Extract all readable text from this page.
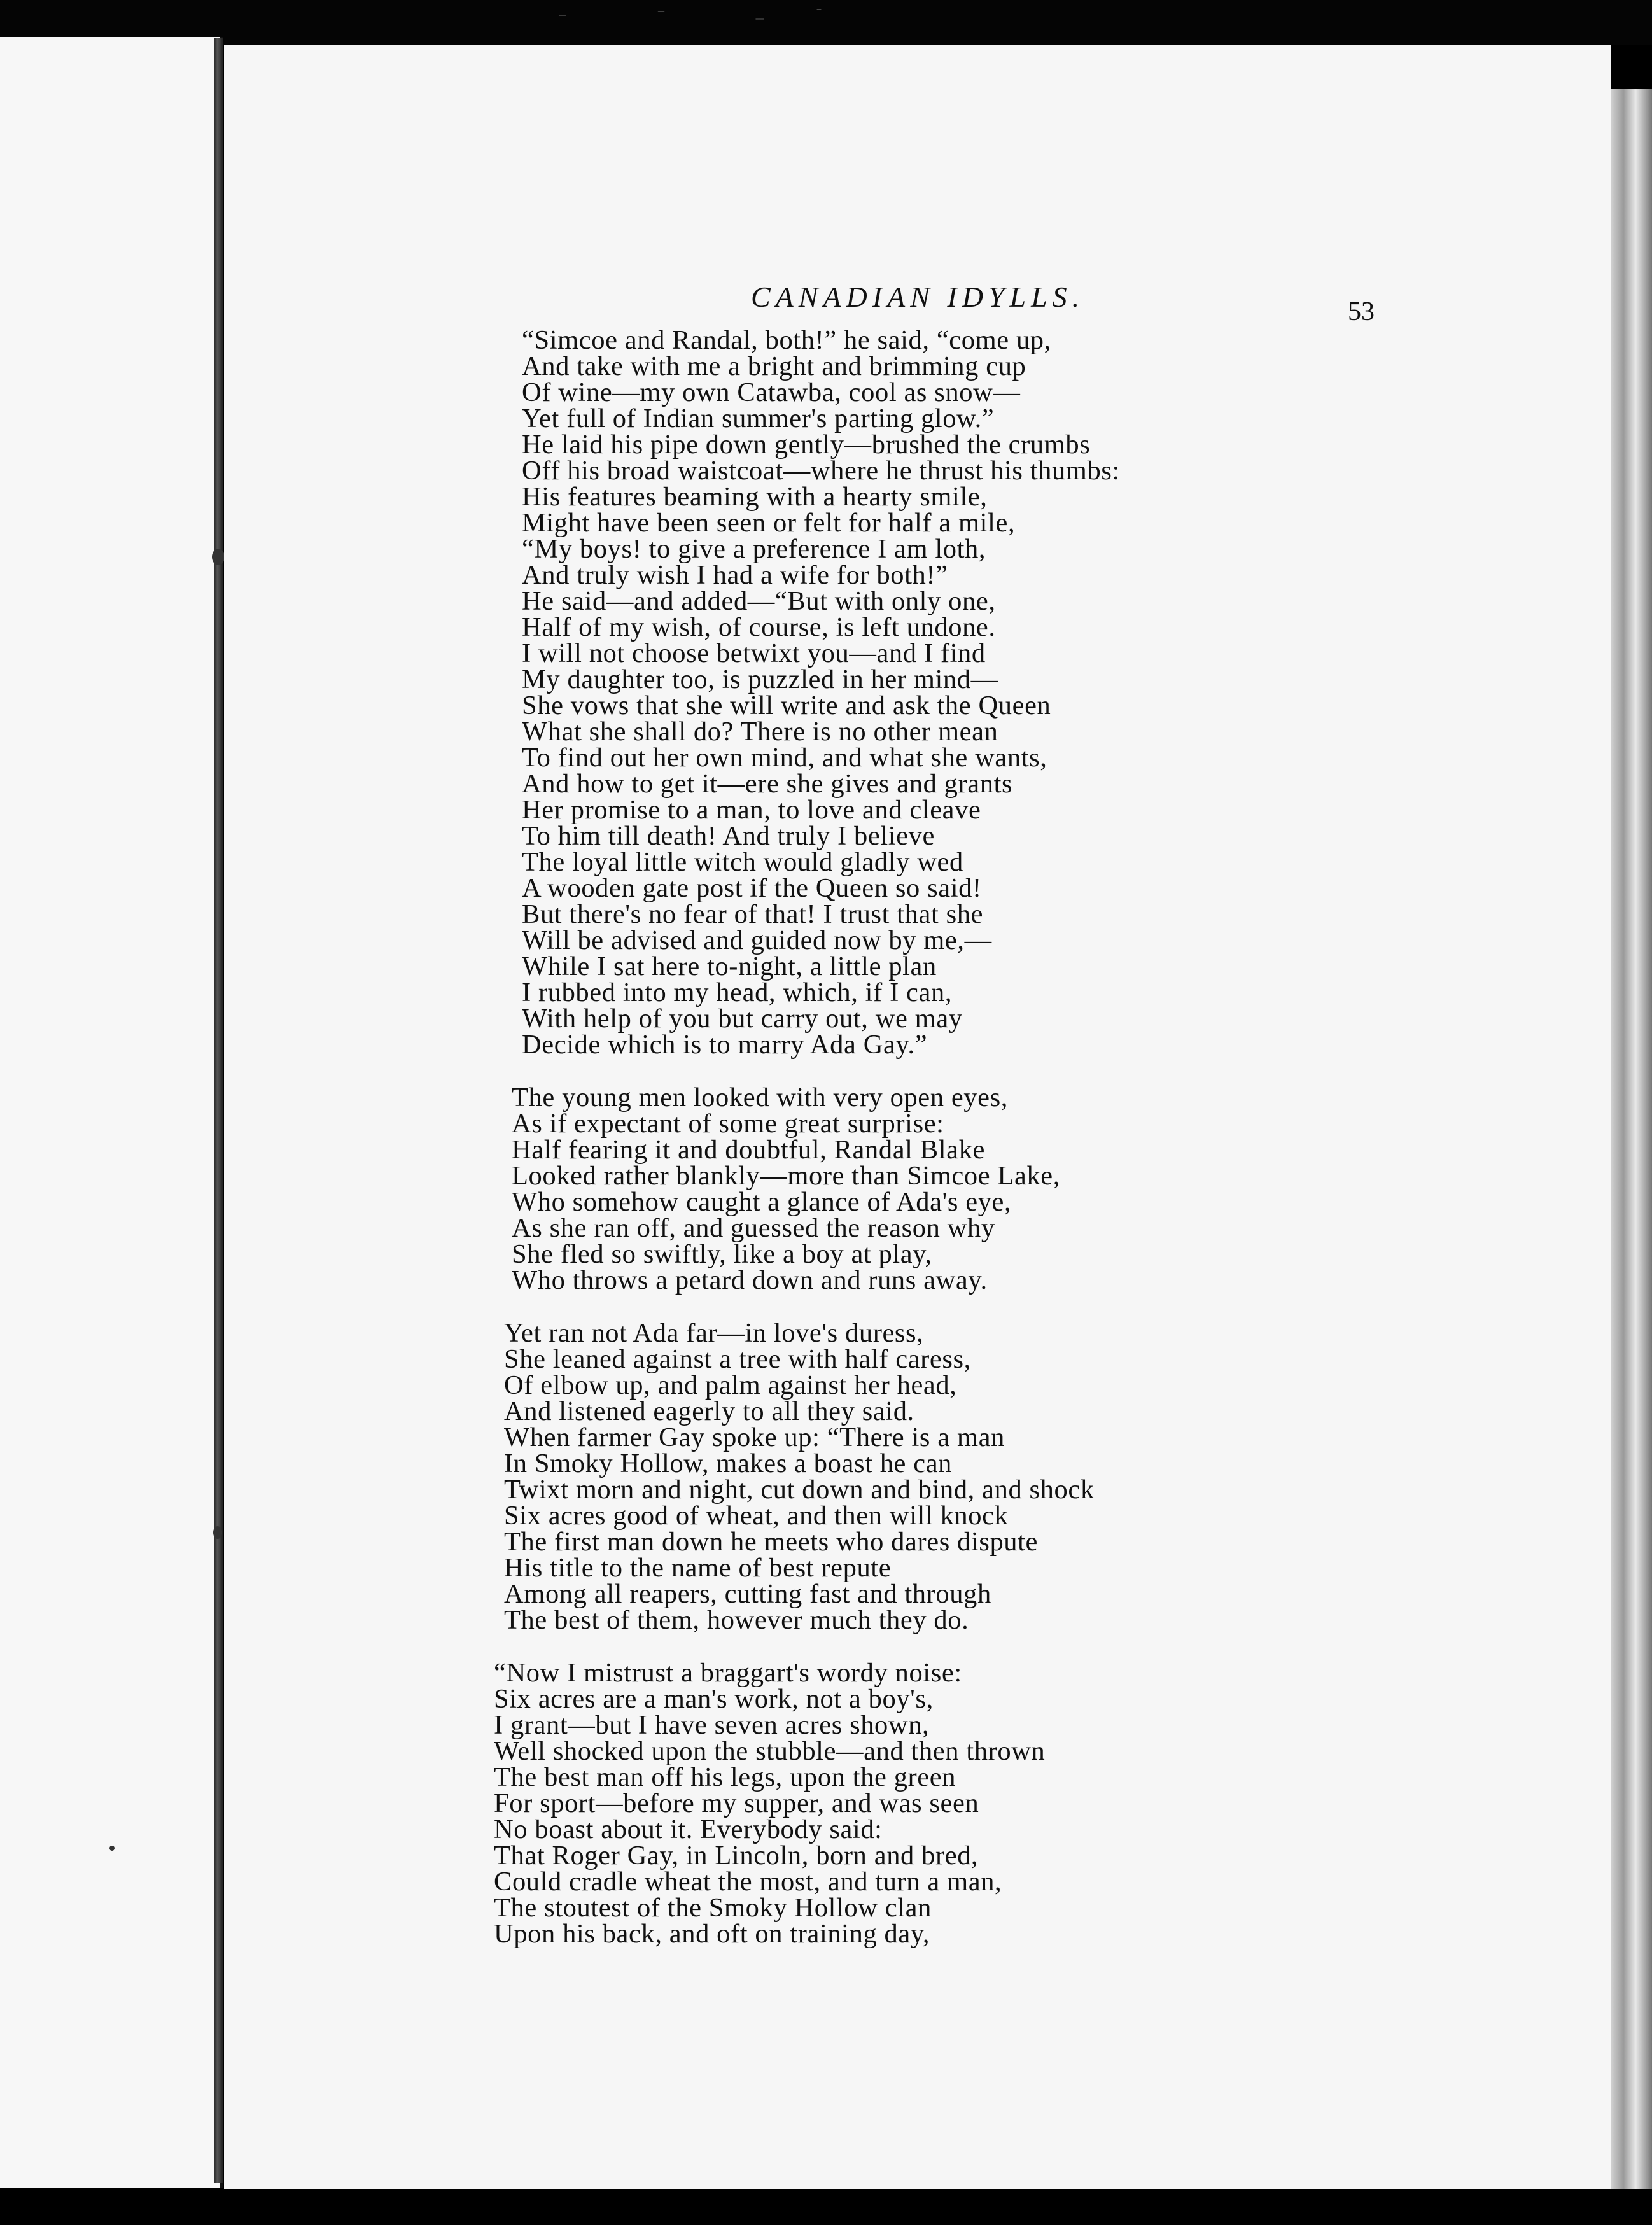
CANADIAN IDYLLS.	53
“Simcoe and Randal, both!” he said, “come up,
And take with me a bright and brimming cup
Of wine—my own Catawba, cool as snow—
Yet full of Indian summer's parting glow.”
He laid his pipe down gently—brushed the crumbs
Off his broad waistcoat—where he thrust his thumbs:
His features beaming with a hearty smile,
Might have been seen or felt for half a mile,
“My boys! to give a preference I am loth,
And truly wish I had a wife for both!”
He said—and added—“But with only one,
Half of my wish, of course, is left undone.
I will not choose betwixt you—and I find
My daughter too, is puzzled in her mind—
She vows that she will write and ask the Queen
What she shall do? There is no other mean
To find out her own mind, and what she wants,
And how to get it—ere she gives and grants
Her promise to a man, to love and cleave
To him till death! And truly I believe
The loyal little witch would gladly wed
A wooden gate post if the Queen so said!
But there's no fear of that! I trust that she
Will be advised and guided now by me,—
While I sat here to-night, a little plan
I rubbed into my head, which, if I can,
With help of you but carry out, we may
Decide which is to marry Ada Gay.”
The young men looked with very open eyes,
As if expectant of some great surprise:
Half fearing it and doubtful, Randal Blake
Looked rather blankly—more than Simcoe Lake,
Who somehow caught a glance of Ada's eye,
As she ran off, and guessed the reason why
She fled so swiftly, like a boy at play,
Who throws a petard down and runs away.
Yet ran not Ada far—in love's duress,
She leaned against a tree with half caress,
Of elbow up, and palm against her head,
And listened eagerly to all they said.
When farmer Gay spoke up: “There is a man
In Smoky Hollow, makes a boast he can
Twixt morn and night, cut down and bind, and shock
Six acres good of wheat, and then will knock
The first man down he meets who dares dispute
His title to the name of best repute
Among all reapers, cutting fast and through
The best of them, however much they do.
“Now I mistrust a braggart's wordy noise:
Six acres are a man's work, not a boy's,
I grant—but I have seven acres shown,
Well shocked upon the stubble—and then thrown
The best man off his legs, upon the green
For sport—before my supper, and was seen
No boast about it. Everybody said:
That Roger Gay, in Lincoln, born and bred,
Could cradle wheat the most, and turn a man,
The stoutest of the Smoky Hollow clan
Upon his back, and oft on training day,
